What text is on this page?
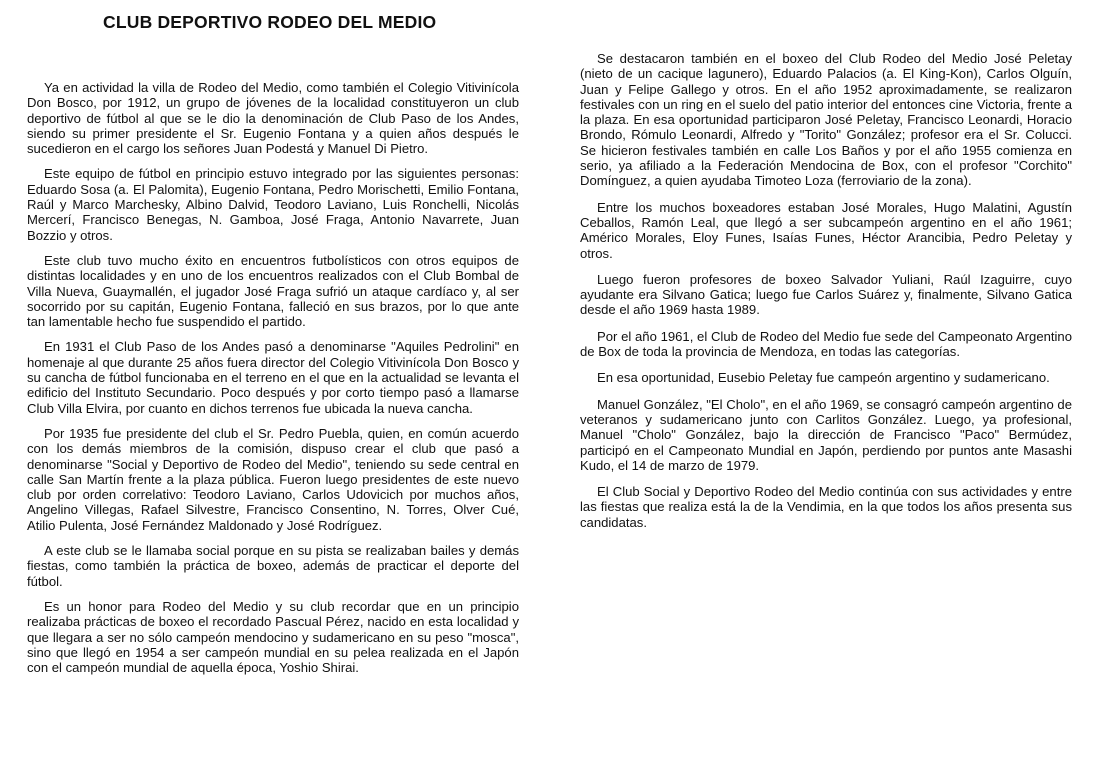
CLUB DEPORTIVO RODEO DEL MEDIO

Ya en actividad la villa de Rodeo del Medio, como también el Colegio Vitivinícola Don Bosco, por 1912, un grupo de jóvenes de la localidad constituyeron un club deportivo de fútbol al que se le dio la denominación de Club Paso de los Andes, siendo su primer presidente el Sr. Eugenio Fontana y a quien años después le sucedieron en el cargo los señores Juan Podestá y Manuel Di Pietro.

Este equipo de fútbol en principio estuvo integrado por las siguientes personas: Eduardo Sosa (a. El Palomita), Eugenio Fontana, Pedro Morischetti, Emilio Fontana, Raúl y Marco Marchesky, Albino Dalvid, Teodoro Laviano, Luis Ronchelli, Nicolás Mercerí, Francisco Benegas, N. Gamboa, José Fraga, Antonio Navarrete, Juan Bozzio y otros.

Este club tuvo mucho éxito en encuentros futbolísticos con otros equipos de distintas localidades y en uno de los encuentros realizados con el Club Bombal de Villa Nueva, Guaymallén, el jugador José Fraga sufrió un ataque cardíaco y, al ser socorrido por su capitán, Eugenio Fontana, falleció en sus brazos, por lo que ante tan lamentable hecho fue suspendido el partido.

En 1931 el Club Paso de los Andes pasó a denominarse "Aquiles Pedrolini" en homenaje al que durante 25 años fuera director del Colegio Vitivinícola Don Bosco y su cancha de fútbol funcionaba en el terreno en el que en la actualidad se levanta el edificio del Instituto Secundario. Poco después y por corto tiempo pasó a llamarse Club Villa Elvira, por cuanto en dichos terrenos fue ubicada la nueva cancha.

Por 1935 fue presidente del club el Sr. Pedro Puebla, quien, en común acuerdo con los demás miembros de la comisión, dispuso crear el club que pasó a denominarse "Social y Deportivo de Rodeo del Medio", teniendo su sede central en calle San Martín frente a la plaza pública. Fueron luego presidentes de este nuevo club por orden correlativo: Teodoro Laviano, Carlos Udovicich por muchos años, Angelino Villegas, Rafael Silvestre, Francisco Consentino, N. Torres, Olver Cué, Atilio Pulenta, José Fernández Maldonado y José Rodríguez.

A este club se le llamaba social porque en su pista se realizaban bailes y demás fiestas, como también la práctica de boxeo, además de practicar el deporte del fútbol.

Es un honor para Rodeo del Medio y su club recordar que en un principio realizaba prácticas de boxeo el recordado Pascual Pérez, nacido en esta localidad y que llegara a ser no sólo campeón mendocino y sudamericano en su peso "mosca", sino que llegó en 1954 a ser campeón mundial en su pelea realizada en el Japón con el campeón mundial de aquella época, Yoshio Shirai.

Se destacaron también en el boxeo del Club Rodeo del Medio José Peletay (nieto de un cacique lagunero), Eduardo Palacios (a. El King-Kon), Carlos Olguín, Juan y Felipe Gallego y otros. En el año 1952 aproximadamente, se realizaron festivales con un ring en el suelo del patio interior del entonces cine Victoria, frente a la plaza. En esa oportunidad participaron José Peletay, Francisco Leonardi, Horacio Brondo, Rómulo Leonardi, Alfredo y "Torito" González; profesor era el Sr. Colucci. Se hicieron festivales también en calle Los Baños y por el año 1955 comienza en serio, ya afiliado a la Federación Mendocina de Box, con el profesor "Corchito" Domínguez, a quien ayudaba Timoteo Loza (ferroviario de la zona).

Entre los muchos boxeadores estaban José Morales, Hugo Malatini, Agustín Ceballos, Ramón Leal, que llegó a ser subcampeón argentino en el año 1961; Américo Morales, Eloy Funes, Isaías Funes, Héctor Arancibia, Pedro Peletay y otros.

Luego fueron profesores de boxeo Salvador Yuliani, Raúl Izaguirre, cuyo ayudante era Silvano Gatica; luego fue Carlos Suárez y, finalmente, Silvano Gatica desde el año 1969 hasta 1989.

Por el año 1961, el Club de Rodeo del Medio fue sede del Campeonato Argentino de Box de toda la provincia de Mendoza, en todas las categorías.

En esa oportunidad, Eusebio Peletay fue campeón argentino y sudamericano.

Manuel González, "El Cholo", en el año 1969, se consagró campeón argentino de veteranos y sudamericano junto con Carlitos González. Luego, ya profesional, Manuel "Cholo" González, bajo la dirección de Francisco "Paco" Bermúdez, participó en el Campeonato Mundial en Japón, perdiendo por puntos ante Masashi Kudo, el 14 de marzo de 1979.

El Club Social y Deportivo Rodeo del Medio continúa con sus actividades y entre las fiestas que realiza está la de la Vendimia, en la que todos los años presenta sus candidatas.
